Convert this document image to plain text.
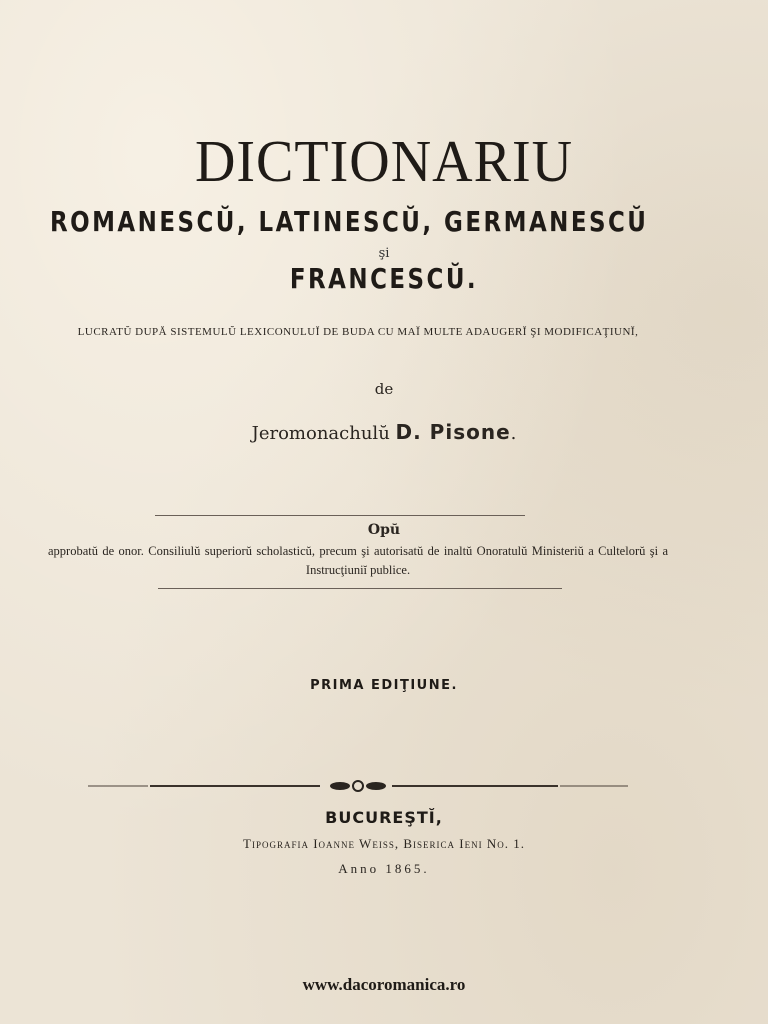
DICTIONARIU
ROMANESCŬ, LATINESCŬ, GERMANESCŬ
şi
FRANCESCŬ.
LUCRATŬ DUPĂ SISTEMULŬ LEXICONULUĬ DE BUDA CU MAĬ MULTE ADAUGERĬ ŞI MODIFICAŢIUNĬ,
de
Jeromonachulŭ D. Pisone.
Opŭ
approbatŭ de onor. Consiliulŭ superiorŭ scholasticŭ, precum şi autorisatŭ de inaltŭ Onoratulŭ Ministeriŭ a Cultelorŭ şi a Instrucţiuniĭ publice.
PRIMA EDIŢIUNE.
BUCUREŞTĬ,
Tipografia Ioanne Weiss, Biserica Ieni No. 1.
Anno 1865.
www.dacoromanica.ro
